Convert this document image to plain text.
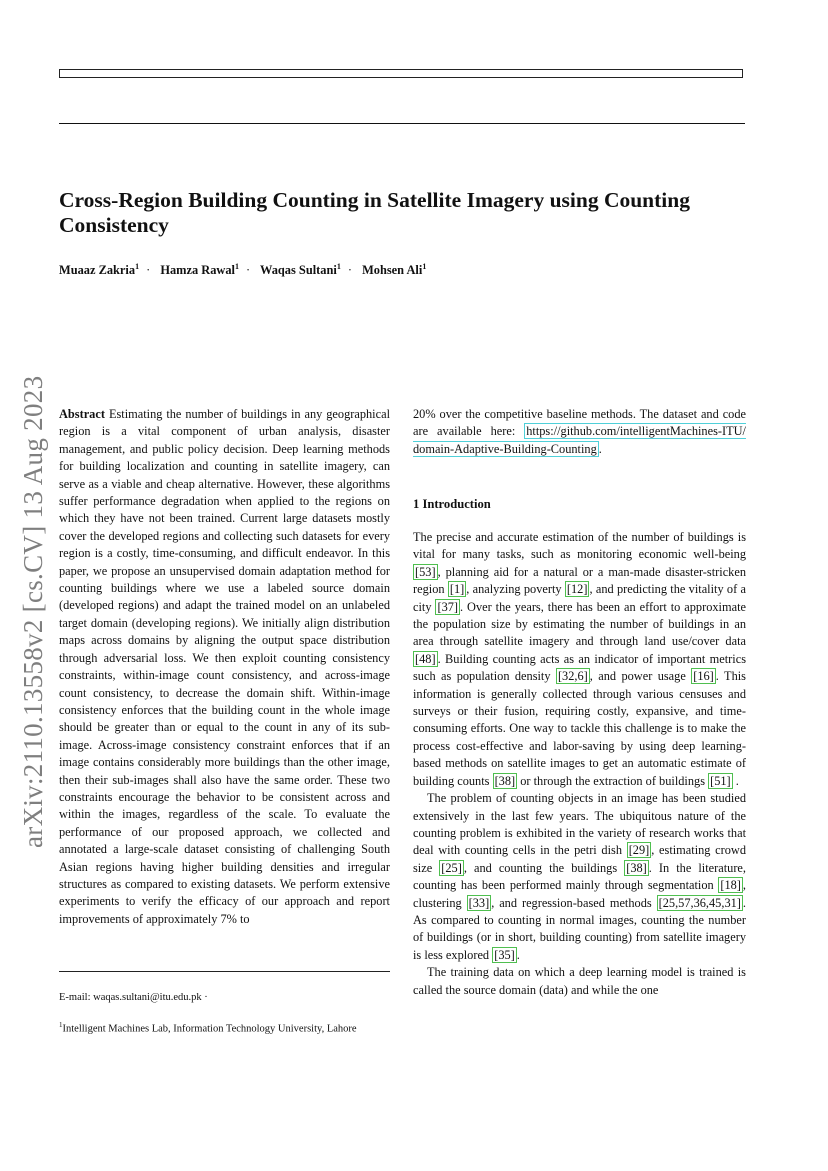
arXiv:2110.13558v2 [cs.CV] 13 Aug 2023
Cross-Region Building Counting in Satellite Imagery using Counting Consistency
Muaaz Zakria$^1$ · Hamza Rawal$^1$ · Waqas Sultani$^1$ · Mohsen Ali$^1$

Abstract Estimating the number of buildings in any geographical region is a vital component of urban analysis, disaster management, and public policy decision. Deep learning methods for building localization and counting in satellite imagery, can serve as a viable and cheap alternative. However, these algorithms suffer performance degradation when applied to the regions on which they have not been trained. Current large datasets mostly cover the developed regions and collecting such datasets for every region is a costly, time-consuming, and difficult endeavor. In this paper, we propose an unsupervised domain adaptation method for counting buildings where we use a labeled source domain (developed regions) and adapt the trained model on an unlabeled target domain (developing regions). We initially align distribution maps across domains by aligning the output space distribution through adversarial loss. We then exploit counting consistency constraints, within-image count consistency, and across-image count consistency, to decrease the domain shift. Within-image consistency enforces that the building count in the whole image should be greater than or equal to the count in any of its sub-image. Across-image consistency constraint enforces that if an image contains considerably more buildings than the other image, then their sub-images shall also have the same order. These two constraints encourage the behavior to be consistent across and within the images, regardless of the scale. To evaluate the performance of our proposed approach, we collected and annotated a large-scale dataset consisting of challenging South Asian regions having higher building densities and irregular structures as compared to existing datasets. We perform extensive experiments to verify the efficacy of our approach and report improvements of approximately 7% to

20% over the competitive baseline methods. The dataset and code are available here: https://github.com/intelligentMachines-ITU/ domain-Adaptive-Building-Counting .

1 Introduction

The precise and accurate estimation of the number of buildings is vital for many tasks, such as monitoring economic well-being [53] , planning aid for a natural or a man-made disaster-stricken region [1] , analyzing poverty [12] , and predicting the vitality of a city [37] . Over the years, there has been an effort to approximate the population size by estimating the number of buildings in an area through satellite imagery and through land use/cover data [48] . Building counting acts as an indicator of important metrics such as population density [32,6] , and power usage [16] . This information is generally collected through various censuses and surveys or their fusion, requiring costly, expansive, and time-consuming efforts. One way to tackle this challenge is to make the process cost-effective and labor-saving by using deep learning-based methods on satellite images to get an automatic estimate of building counts [38] or through the extraction of buildings [51] .

The problem of counting objects in an image has been studied extensively in the last few years. The ubiquitous nature of the counting problem is exhibited in the variety of research works that deal with counting cells in the petri dish [29] , estimating crowd size [25] , and counting the buildings [38] . In the literature, counting has been performed mainly through segmentation [18] , clustering [33] , and regression-based methods [25,57,36,45,31] . As compared to counting in normal images, counting the number of buildings (or in short, building counting) from satellite imagery is less explored [35] .

The training data on which a deep learning model is trained is called the source domain (data) and while the one

E-mail: waqas.sultani@itu.edu.pk ·
$^1$Intelligent Machines Lab, Information Technology University, Lahore
